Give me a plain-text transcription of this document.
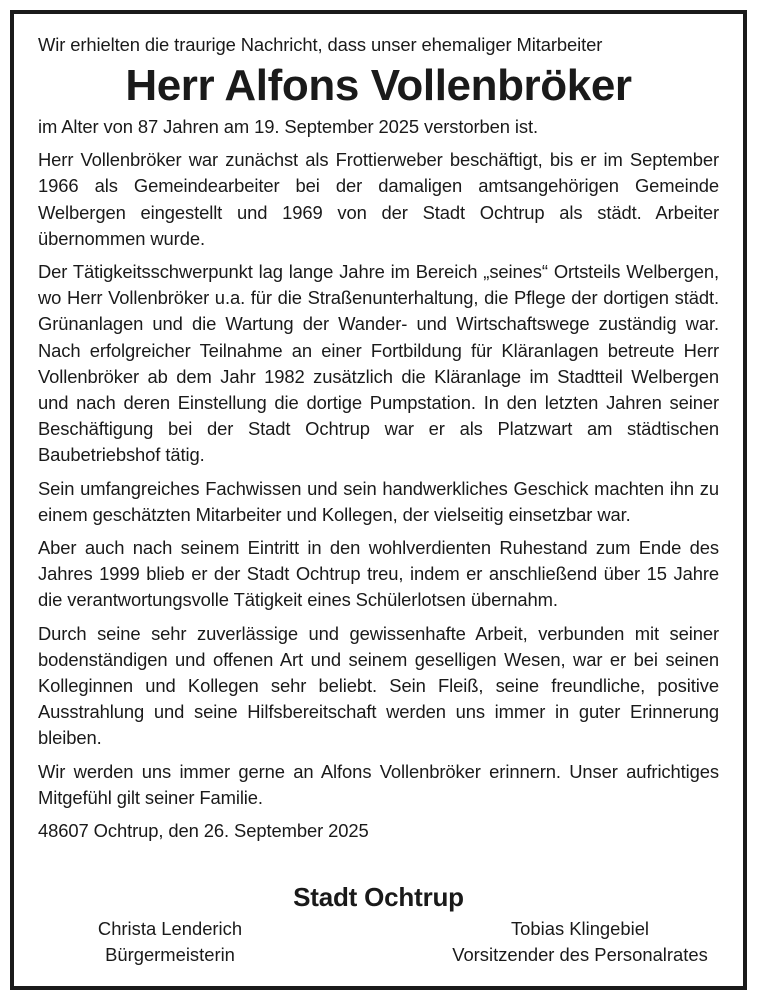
Wir erhielten die traurige Nachricht, dass unser ehemaliger Mitarbeiter
Herr Alfons Vollenbröker
im Alter von 87 Jahren am 19. September 2025 verstorben ist.
Herr Vollenbröker war zunächst als Frottierweber beschäftigt, bis er im September 1966 als Gemeindearbeiter bei der damaligen amtsangehörigen Gemeinde Welbergen eingestellt und 1969 von der Stadt Ochtrup als städt. Arbeiter übernommen wurde.
Der Tätigkeitsschwerpunkt lag lange Jahre im Bereich „seines“ Ortsteils Welbergen, wo Herr Vollenbröker u.a. für die Straßenunterhaltung, die Pflege der dortigen städt. Grünanlagen und die Wartung der Wander- und Wirtschaftswege zuständig war. Nach erfolgreicher Teilnahme an einer Fortbildung für Kläranlagen betreute Herr Vollenbröker ab dem Jahr 1982 zusätzlich die Kläranlage im Stadtteil Welbergen und nach deren Einstellung die dortige Pumpstation. In den letzten Jahren seiner Beschäftigung bei der Stadt Ochtrup war er als Platzwart am städtischen Baubetriebshof tätig.
Sein umfangreiches Fachwissen und sein handwerkliches Geschick machten ihn zu einem geschätzten Mitarbeiter und Kollegen, der vielseitig einsetzbar war.
Aber auch nach seinem Eintritt in den wohlverdienten Ruhestand zum Ende des Jahres 1999 blieb er der Stadt Ochtrup treu, indem er anschließend über 15 Jahre die verantwortungsvolle Tätigkeit eines Schülerlotsen übernahm.
Durch seine sehr zuverlässige und gewissenhafte Arbeit, verbunden mit seiner bodenständigen und offenen Art und seinem geselligen Wesen, war er bei seinen Kolleginnen und Kollegen sehr beliebt. Sein Fleiß, seine freundliche, positive Ausstrahlung und seine Hilfsbereitschaft werden uns immer in guter Erinnerung bleiben.
Wir werden uns immer gerne an Alfons Vollenbröker erinnern. Unser aufrichtiges Mitgefühl gilt seiner Familie.
48607 Ochtrup, den 26. September 2025
Stadt Ochtrup
Christa Lenderich
Bürgermeisterin
Tobias Klingebiel
Vorsitzender des Personalrates
